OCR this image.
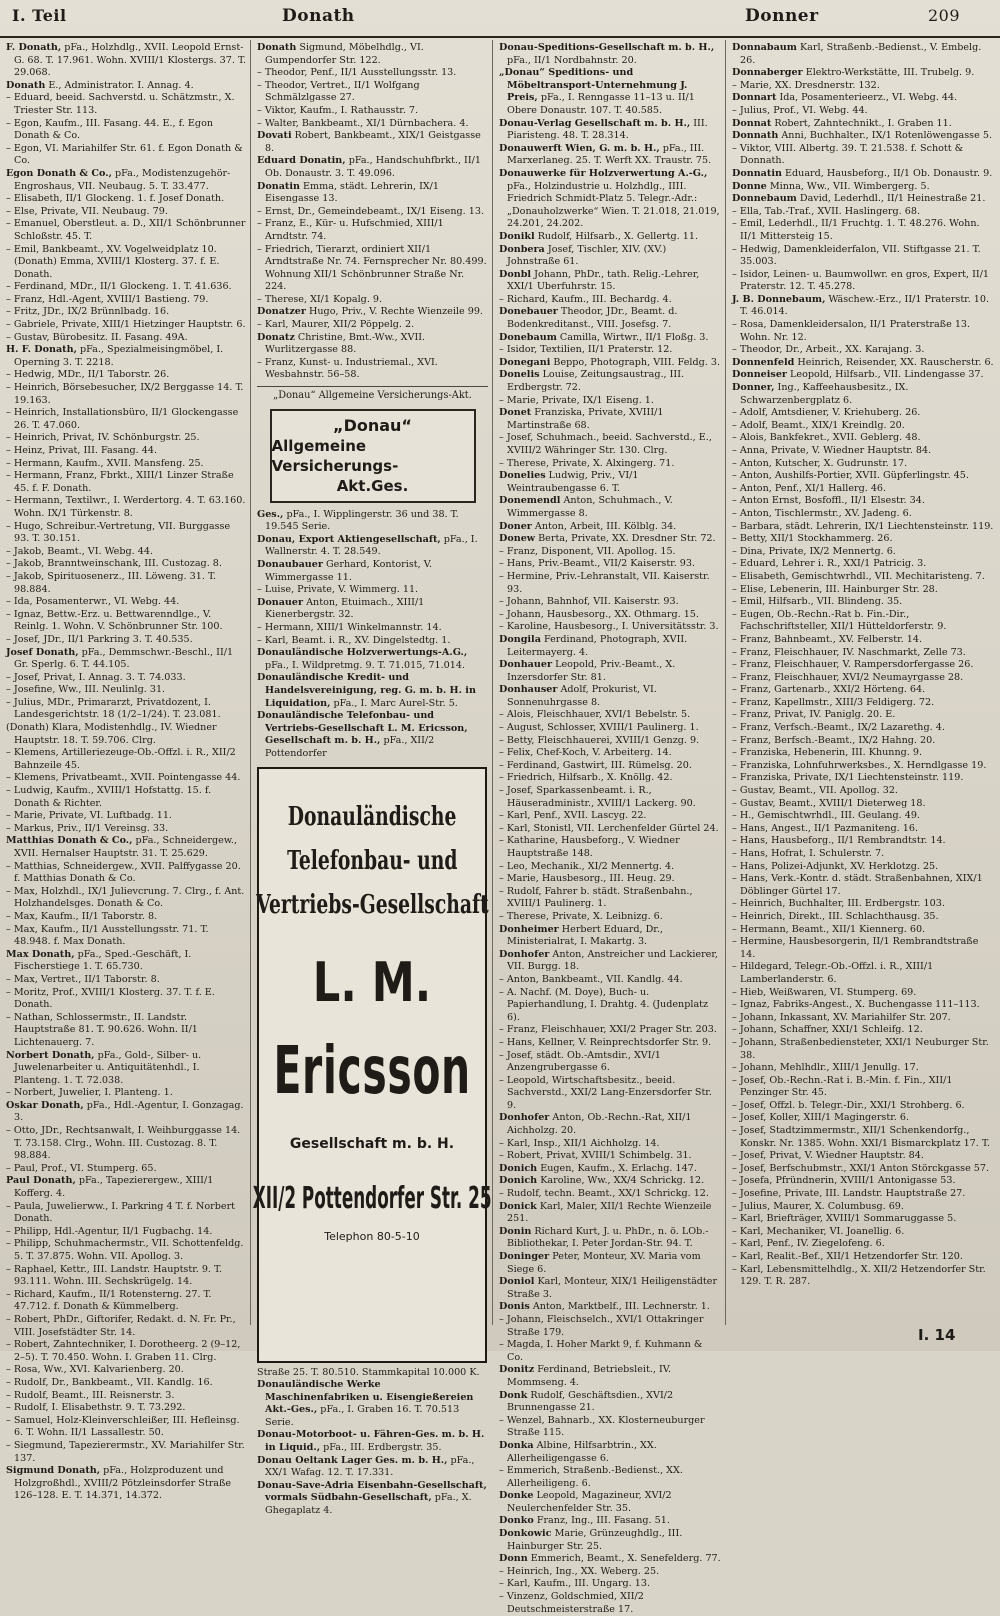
I. Teil	Donath	Donner	209

F. Donath, pFa., Holzhdlg., XVII. Leopold Ernst-G. 68. T. 17.961. Wohn. XVIII/1 Klostergs. 37. T. 29.068.

Donath E., Administrator. I. Annag. 4.

– Eduard, beeid. Sachverstd. u. Schätzmstr., X. Triester Str. 113.

– Egon, Kaufm., III. Fasang. 44. E., f. Egon Donath & Co.

– Egon, VI. Mariahilfer Str. 61. f. Egon Donath & Co.

Egon Donath & Co., pFa., Modistenzugehör-Engroshaus, VII. Neubaug. 5. T. 33.477.

– Elisabeth, II/1 Glockeng. 1. f. Josef Donath.

– Else, Private, VII. Neubaug. 79.

– Emanuel, Oberstleut. a. D., XII/1 Schönbrunner Schloßstr. 45. T.

– Emil, Bankbeamt., XV. Vogelweidplatz 10. (Donath) Emma, XVIII/1 Klosterg. 37. f. E. Donath.

– Ferdinand, MDr., II/1 Glockeng. 1. T. 41.636.

– Franz, Hdl.-Agent, XVIII/1 Bastieng. 79.

– Fritz, JDr., IX/2 Brünnlbadg. 16.

– Gabriele, Private, XIII/1 Hietzinger Hauptstr. 6.

– Gustav, Bürobesitz. II. Fasang. 49A.

H. F. Donath, pFa., Spezialmeisingmöbel, I. Operning 3. T. 2218.

– Hedwig, MDr., II/1 Taborstr. 26.

– Heinrich, Börsebesucher, IX/2 Berggasse 14. T. 19.163.

– Heinrich, Installationsbüro, II/1 Glockengasse 26. T. 47.060.

– Heinrich, Privat, IV. Schönburgstr. 25.

– Heinz, Privat, III. Fasang. 44.

– Hermann, Kaufm., XVII. Mansfeng. 25.

– Hermann, Franz, Fbrkt., XIII/1 Linzer Straße 45. f. F. Donath.

– Hermann, Textilwr., I. Werdertorg. 4. T. 63.160. Wohn. IX/1 Türkenstr. 8.

– Hugo, Schreibur.-Vertretung, VII. Burggasse 93. T. 30.151.

– Jakob, Beamt., VI. Webg. 44.

– Jakob, Branntweinschank, III. Custozag. 8.

– Jakob, Spirituosenerz., III. Löweng. 31. T. 98.884.

– Ida, Posamenterwr., VI. Webg. 44.

– Ignaz, Bettw.-Erz. u. Bettwarenndlge., V. Reinlg. 1. Wohn. V. Schönbrunner Str. 100.

– Josef, JDr., II/1 Parkring 3. T. 40.535.

Josef Donath, pFa., Demmschwr.-Beschl., II/1 Gr. Sperlg. 6. T. 44.105.

– Josef, Privat, I. Annag. 3. T. 74.033.

– Josefine, Ww., III. Neulinlg. 31.

– Julius, MDr., Primararzt, Privatdozent, I. Landesgerichtstr. 18 (1/2–1/24). T. 23.081.

(Donath) Klara, Modistenhdlg., IV. Wiedner Hauptstr. 18. T. 59.706. Clrg.

– Klemens, Artilleriezeuge-Ob.-Offzl. i. R., XII/2 Bahnzeile 45.

– Klemens, Privatbeamt., XVII. Pointengasse 44.

– Ludwig, Kaufm., XVIII/1 Hofstattg. 15. f. Donath & Richter.

– Marie, Private, VI. Luftbadg. 11.

– Markus, Priv., II/1 Vereinsg. 33.

Matthias Donath & Co., pFa., Schneidergew., XVII. Hernalser Hauptstr. 31. T. 25.629.

– Matthias, Schneidergew., XVII. Palffygasse 20. f. Matthias Donath & Co.

– Max, Holzhdl., IX/1 Julievcrung. 7. Clrg., f. Ant. Holzhandelsges. Donath & Co.

– Max, Kaufm., II/1 Taborstr. 8.

– Max, Kaufm., II/1 Ausstellungsstr. 71. T. 48.948. f. Max Donath.

Max Donath, pFa., Sped.-Geschäft, I. Fischerstiege 1. T. 65.730.

– Max, Vertret., II/1 Taborstr. 8.

– Moritz, Prof., XVIII/1 Klosterg. 37. T. f. E. Donath.

– Nathan, Schlossermstr., II. Landstr. Hauptstraße 81. T. 90.626. Wohn. II/1 Lichtenauerg. 7.

Norbert Donath, pFa., Gold-, Silber- u. Juwelenarbeiter u. Antiquitätenhdl., I. Planteng. 1. T. 72.038.

– Norbert, Juwelier, I. Planteng. 1.

Oskar Donath, pFa., Hdl.-Agentur, I. Gonzagag. 3.

– Otto, JDr., Rechtsanwalt, I. Weihburggasse 14. T. 73.158. Clrg., Wohn. III. Custozag. 8. T. 98.884.

– Paul, Prof., VI. Stumperg. 65.

Paul Donath, pFa., Tapezierergew., XIII/1 Kofferg. 4.

– Paula, Juwelierww., I. Parkring 4 T. f. Norbert Donath.

– Philipp, Hdl.-Agentur, II/1 Fugbachg. 14.

– Philipp, Schuhmachermstr., VII. Schottenfeldg. 5. T. 37.875. Wohn. VII. Apollog. 3.

– Raphael, Kettr., III. Landstr. Hauptstr. 9. T. 93.111. Wohn. III. Sechskrügelg. 14.

– Richard, Kaufm., II/1 Rotensterng. 27. T. 47.712. f. Donath & Kümmelberg.

– Robert, PhDr., Giftorifer, Redakt. d. N. Fr. Pr., VIII. Josefstädter Str. 14.

– Robert, Zahntechniker, I. Dorotheerg. 2 (9–12, 2–5). T. 70.450. Wohn. I. Graben 11. Clrg.

– Rosa, Ww., XVI. Kalvarienberg. 20.

– Rudolf, Dr., Bankbeamt., VII. Kandlg. 16.

– Rudolf, Beamt., III. Reisnerstr. 3.

– Rudolf, I. Elisabethstr. 9. T. 73.292.

– Samuel, Holz-Kleinverschleißer, III. Hefleinsg. 6. T. Wohn. II/1 Lassallestr. 50.

– Siegmund, Tapezierermstr., XV. Mariahilfer Str. 137.

Sigmund Donath, pFa., Holzproduzent und Holzgroßhdl., XVIII/2 Pötzleinsdorfer Straße 126–128. E. T. 14.371, 14.372.

Donath Sigmund, Möbelhdlg., VI. Gumpendorfer Str. 122.

– Theodor, Penf., II/1 Ausstellungsstr. 13.

– Theodor, Vertret., II/1 Wolfgang Schmälzlgasse 27.

– Viktor, Kaufm., I. Rathausstr. 7.

– Walter, Bankbeamt., XI/1 Dürnbachera. 4.

Dovati Robert, Bankbeamt., XIX/1 Geistgasse 8.

Eduard Donatin, pFa., Handschuhfbrkt., II/1 Ob. Donaustr. 3. T. 49.096.

Donatin Emma, städt. Lehrerin, IX/1 Eisengasse 13.

– Ernst, Dr., Gemeindebeamt., IX/1 Eiseng. 13.

– Franz, E., Kür- u. Hufschmied, XIII/1 Arndtstr. 74.

– Friedrich, Tierarzt, ordiniert XII/1 Arndtstraße Nr. 74. Fernsprecher Nr. 80.499. Wohnung XII/1 Schönbrunner Straße Nr. 224.

– Therese, XI/1 Kopalg. 9.

Donatzer Hugo, Priv., V. Rechte Wienzeile 99.

– Karl, Maurer, XII/2 Pöppelg. 2.

Donatz Christine, Bmt.-Ww., XVII. Wurlitzergasse 88.

– Franz, Kunst- u. Industriemal., XVI. Wesbahnstr. 56–58.

„Donau“ Allgemeine Versicherungs-Akt.
„Donau“
Allgemeine Versicherungs-
Akt.Ges.

Ges., pFa., I. Wipplingerstr. 36 und 38. T. 19.545 Serie.

Donau, Export Aktiengesellschaft, pFa., I. Wallnerstr. 4. T. 28.549.

Donaubauer Gerhard, Kontorist, V. Wimmergasse 11.

– Luise, Private, V. Wimmerg. 11.

Donauer Anton, Etuimach., XIII/1 Kienerbergstr. 32.

– Hermann, XIII/1 Winkelmannstr. 14.

– Karl, Beamt. i. R., XV. Dingelstedtg. 1.

Donauländische Holzverwertungs-A.G., pFa., I. Wildpretmg. 9. T. 71.015, 71.014.

Donauländische Kredit- und Handelsvereinigung, reg. G. m. b. H. in Liquidation, pFa., I. Marc Aurel-Str. 5.

Donauländische Telefonbau- und Vertriebs-Gesellschaft L. M. Ericsson, Gesellschaft m. b. H., pFa., XII/2 Pottendorfer

Donauländische
Telefonbau- und
Vertriebs-Gesellschaft
L. M.
Ericsson
Gesellschaft m. b. H.
XII/2 Pottendorfer Str. 25
Telephon 80-5-10

Straße 25. T. 80.510. Stammkapital 10.000 K.

Donauländische Werke Maschinenfabriken u. Eisengießereien Akt.-Ges., pFa., I. Graben 16. T. 70.513 Serie.

Donau-Motorboot- u. Fähren-Ges. m. b. H. in Liquid., pFa., III. Erdbergstr. 35.

Donau Oeltank Lager Ges. m. b. H., pFa., XX/1 Wafag. 12. T. 17.331.

Donau-Save-Adria Eisenbahn-Gesellschaft, vormals Südbahn-Gesellschaft, pFa., X. Ghegaplatz 4.

Donau-Speditions-Gesellschaft m. b. H., pFa., II/1 Nordbahnstr. 20.

„Donau“ Speditions- und Möbeltransport-Unternehmung J. Preis, pFa., I. Renngasse 11–13 u. II/1 Obere Donaustr. 107. T. 40.585.

Donau-Verlag Gesellschaft m. b. H., III. Piaristeng. 48. T. 28.314.

Donauwerft Wien, G. m. b. H., pFa., III. Marxerlaneg. 25. T. Werft XX. Traustr. 75.

Donauwerke für Holzverwertung A.-G., pFa., Holzindustrie u. Holzhdlg., IIII. Friedrich Schmidt-Platz 5. Telegr.-Adr.: „Donauholzwerke“ Wien. T. 21.018, 21.019, 24.201, 24.202.

Donikl Rudolf, Hilfsarb., X. Gellertg. 11.

Donbera Josef, Tischler, XIV. (XV.) Johnstraße 61.

Donbl Johann, PhDr., tath. Relig.-Lehrer, XXI/1 Uberfuhrstr. 15.

– Richard, Kaufm., III. Bechardg. 4.

Donebauer Theodor, JDr., Beamt. d. Bodenkreditanst., VIII. Josefsg. 7.

Donebaum Camilla, Wirtwr., II/1 Floßg. 3.

– Isidor, Textilien, II/1 Praterstr. 12.

Donegani Beppo, Photograph, VIII. Feldg. 3.

Donelis Louise, Zeitungsaustrag., III. Erdbergstr. 72.

– Marie, Private, IX/1 Eiseng. 1.

Donet Franziska, Private, XVIII/1 Martinstraße 68.

– Josef, Schuhmach., beeid. Sachverstd., E., XVIII/2 Währinger Str. 130. Clrg.

– Therese, Private, X. Alxingerg. 71.

Donelies Ludwig, Priv., VI/1 Weintraubengasse 6. T.

Donemendl Anton, Schuhmach., V. Wimmergasse 8.

Doner Anton, Arbeit, III. Kölblg. 34.

Donew Berta, Private, XX. Dresdner Str. 72.

– Franz, Disponent, VII. Apollog. 15.

– Hans, Priv.-Beamt., VII/2 Kaiserstr. 93.

– Hermine, Priv.-Lehranstalt, VII. Kaiserstr. 93.

– Johann, Bahnhof, VII. Kaiserstr. 93.

– Johann, Hausbesorg., XX. Othmarg. 15.

– Karoline, Hausbesorg., I. Universitätsstr. 3.

Dongila Ferdinand, Photograph, XVII. Leitermayerg. 4.

Donhauer Leopold, Priv.-Beamt., X. Inzersdorfer Str. 81.

Donhauser Adolf, Prokurist, VI. Sonnenuhrgasse 8.

– Alois, Fleischhauer, XVI/1 Bebelstr. 5.

– August, Schlosser, XVIII/1 Paulinerg. 1.

– Betty, Fleischhauerei, XVIII/1 Genzg. 9.

– Felix, Chef-Koch, V. Arbeiterg. 14.

– Ferdinand, Gastwirt, III. Rümelsg. 20.

– Friedrich, Hilfsarb., X. Knöllg. 42.

– Josef, Sparkassenbeamt. i. R., Häuseradministr., XVIII/1 Lackerg. 90.

– Karl, Penf., XVII. Lascyg. 22.

– Karl, Stonistl, VII. Lerchenfelder Gürtel 24.

– Katharine, Hausbeforg., V. Wiedner Hauptstraße 148.

– Leo, Mechanik., XI/2 Mennertg. 4.

– Marie, Hausbesorg., III. Heug. 29.

– Rudolf, Fahrer b. städt. Straßenbahn., XVIII/1 Paulinerg. 1.

– Therese, Private, X. Leibnizg. 6.

Donheimer Herbert Eduard, Dr., Ministerialrat, I. Makartg. 3.

Donhofer Anton, Anstreicher und Lackierer, VII. Burgg. 18.

– Anton, Bankbeamt., VII. Kandlg. 44.

– A. Nachf. (M. Doye), Buch- u. Papierhandlung, I. Drahtg. 4. (Judenplatz 6).

– Franz, Fleischhauer, XXI/2 Prager Str. 203.

– Hans, Kellner, V. Reinprechtsdorfer Str. 9.

– Josef, städt. Ob.-Amtsdir., XVI/1 Anzengrubergasse 6.

– Leopold, Wirtschaftsbesitz., beeid. Sachverstd., XXI/2 Lang-Enzersdorfer Str. 9.

Donhofer Anton, Ob.-Rechn.-Rat, XII/1 Aichholzg. 20.

– Karl, Insp., XII/1 Aichholzg. 14.

– Robert, Privat, XVIII/1 Schimbelg. 31.

Donich Eugen, Kaufm., X. Erlachg. 147.

Donich Karoline, Ww., XX/4 Schrickg. 12.

– Rudolf, techn. Beamt., XX/1 Schrickg. 12.

Donick Karl, Maler, XII/1 Rechte Wienzeile 251.

Donin Richard Kurt, J. u. PhDr., n. ö. LOb.-Bibliothekar, I. Peter Jordan-Str. 94. T.

Doninger Peter, Monteur, XV. Maria vom Siege 6.

Doniol Karl, Monteur, XIX/1 Heiligenstädter Straße 3.

Donis Anton, Marktbelf., III. Lechnerstr. 1.

– Johann, Fleischselch., XVI/1 Ottakringer Straße 179.

– Magda, I. Hoher Markt 9, f. Kuhmann & Co.

Donitz Ferdinand, Betriebsleit., IV. Mommseng. 4.

Donk Rudolf, Geschäftsdien., XVI/2 Brunnengasse 21.

– Wenzel, Bahnarb., XX. Klosterneuburger Straße 115.

Donka Albine, Hilfsarbtrin., XX. Allerheiligengasse 6.

– Emmerich, Straßenb.-Bedienst., XX. Allerheiligeng. 6.

Donke Leopold, Magazineur, XVI/2 Neulerchenfelder Str. 35.

Donko Franz, Ing., III. Fasang. 51.

Donkowic Marie, Grünzeughdlg., III. Hainburger Str. 25.

Donn Emmerich, Beamt., X. Senefelderg. 77.

– Heinrich, Ing., XX. Weberg. 25.

– Karl, Kaufm., III. Ungarg. 13.

– Vinzenz, Goldschmied, XII/2 Deutschmeisterstraße 17.

Donnabaum Karl, Straßenb.-Bedienst., V. Embelg. 26.

Donnaberger Elektro-Werkstätte, III. Trubelg. 9.

– Marie, XX. Dresdnerstr. 132.

Donnart Ida, Posamenterieerz., VI. Webg. 44.

– Julius, Prof., VI. Webg. 44.

Donnat Robert, Zahntechnikt., I. Graben 11.

Donnath Anni, Buchhalter., IX/1 Rotenlöwengasse 5.

– Viktor, VIII. Albertg. 39. T. 21.538. f. Schott & Donnath.

Donnatin Eduard, Hausbeforg., II/1 Ob. Donaustr. 9.

Donne Minna, Ww., VII. Wimbergerg. 5.

Donnebaum David, Lederhdl., II/1 Heinestraße 21.

– Ella, Tab.-Traf., XVII. Haslingerg. 68.

– Emil, Lederhdl., II/1 Fruchtg. 1. T. 48.276. Wohn. II/1 Mittersteig 15.

– Hedwig, Damenkleiderfalon, VII. Stiftgasse 21. T. 35.003.

– Isidor, Leinen- u. Baumwollwr. en gros, Expert, II/1 Praterstr. 12. T. 45.278.

J. B. Donnebaum, Wäschew.-Erz., II/1 Praterstr. 10. T. 46.014.

– Rosa, Damenkleidersalon, II/1 Praterstraße 13. Wohn. Nr. 12.

– Theodor, Dr., Arbeit., XX. Karajang. 3.

Donnenfeld Heinrich, Reisender, XX. Rauscherstr. 6.

Donneiser Leopold, Hilfsarb., VII. Lindengasse 37.

Donner, Ing., Kaffeehausbesitz., IX. Schwarzenbergplatz 6.

– Adolf, Amtsdiener, V. Kriehuberg. 26.

– Adolf, Beamt., XIX/1 Kreindlg. 20.

– Alois, Bankfekret., XVII. Geblerg. 48.

– Anna, Private, V. Wiedner Hauptstr. 84.

– Anton, Kutscher, X. Gudrunstr. 17.

– Anton, Aushilfs-Portier, XVII. Güpferlingstr. 45.

– Anton, Penf., XI/1 Hallerg. 46.

– Anton Ernst, Bosfoffl., II/1 Elsestr. 34.

– Anton, Tischlermstr., XV. Jadeng. 6.

– Barbara, städt. Lehrerin, IX/1 Liechtensteinstr. 119.

– Betty, XII/1 Stockhammerg. 26.

– Dina, Private, IX/2 Mennertg. 6.

– Eduard, Lehrer i. R., XXI/1 Patricig. 3.

– Elisabeth, Gemischtwrhdl., VII. Mechitaristeng. 7.

– Elise, Lebenerin, III. Hainburger Str. 28.

– Emil, Hilfsarb., VII. Blindeng. 35.

– Eugen, Ob.-Rechn.-Rat b. Fin.-Dir., Fachschriftsteller, XII/1 Hütteldorferstr. 9.

– Franz, Bahnbeamt., XV. Felberstr. 14.

– Franz, Fleischhauer, IV. Naschmarkt, Zelle 73.

– Franz, Fleischhauer, V. Rampersdorfergasse 26.

– Franz, Fleischhauer, XVI/2 Neumayrgasse 28.

– Franz, Gartenarb., XXI/2 Hörteng. 64.

– Franz, Kapellmstr., XIII/3 Feldigerg. 72.

– Franz, Privat, IV. Paniglg. 20. E.

– Franz, Verfsch.-Beamt., IX/2 Lazarethg. 4.

– Franz, Berfsch.-Beamt., IX/2 Hahng. 20.

– Franziska, Hebenerin, III. Khunng. 9.

– Franziska, Lohnfuhrwerksbes., X. Herndlgasse 19.

– Franziska, Private, IX/1 Liechtensteinstr. 119.

– Gustav, Beamt., VII. Apollog. 32.

– Gustav, Beamt., XVIII/1 Dieterweg 18.

– H., Gemischtwrhdl., III. Geulang. 49.

– Hans, Angest., II/1 Pazmaniteng. 16.

– Hans, Hausbeforg., II/1 Rembrandtstr. 14.

– Hans, Hofrat, I. Schulerstr. 7.

– Hans, Polizei-Adjunkt, XV. Herklotzg. 25.

– Hans, Verk.-Kontr. d. städt. Straßenbahnen, XIX/1 Döblinger Gürtel 17.

– Heinrich, Buchhalter, III. Erdbergstr. 103.

– Heinrich, Direkt., III. Schlachthausg. 35.

– Hermann, Beamt., XII/1 Kiennerg. 60.

– Hermine, Hausbesorgerin, II/1 Rembrandtstraße 14.

– Hildegard, Telegr.-Ob.-Offzl. i. R., XIII/1 Lamberlanderstr. 6.

– Hieb, Weißwaren, VI. Stumperg. 69.

– Ignaz, Fabriks-Angest., X. Buchengasse 111–113.

– Johann, Inkassant, XV. Mariahilfer Str. 207.

– Johann, Schaffner, XXI/1 Schleifg. 12.

– Johann, Straßenbediensteter, XXI/1 Neuburger Str. 38.

– Johann, Mehlhdlr., XIII/1 Jenullg. 17.

– Josef, Ob.-Rechn.-Rat i. B.-Min. f. Fin., XII/1 Penzinger Str. 45.

– Josef, Offzl. b. Telegr.-Dir., XXI/1 Strohberg. 6.

– Josef, Koller, XIII/1 Magingerstr. 6.

– Josef, Stadtzimmermstr., XII/1 Schenkendorfg., Konskr. Nr. 1385. Wohn. XXI/1 Bismarckplatz 17. T.

– Josef, Privat, V. Wiedner Hauptstr. 84.

– Josef, Berfschubmstr., XXI/1 Anton Störckgasse 57.

– Josefa, Pfründnerin, XVIII/1 Antonigasse 53.

– Josefine, Private, III. Landstr. Hauptstraße 27.

– Julius, Maurer, X. Columbusg. 69.

– Karl, Briefträger, XVIII/1 Sommaruggasse 5.

– Karl, Mechaniker, VI. Joanellig. 6.

– Karl, Penf., IV. Ziegelofeng. 6.

– Karl, Realit.-Bef., XII/1 Hetzendorfer Str. 120.

– Karl, Lebensmittelhdlg., X. XII/2 Hetzendorfer Str. 129. T. R. 287.

I. 14
